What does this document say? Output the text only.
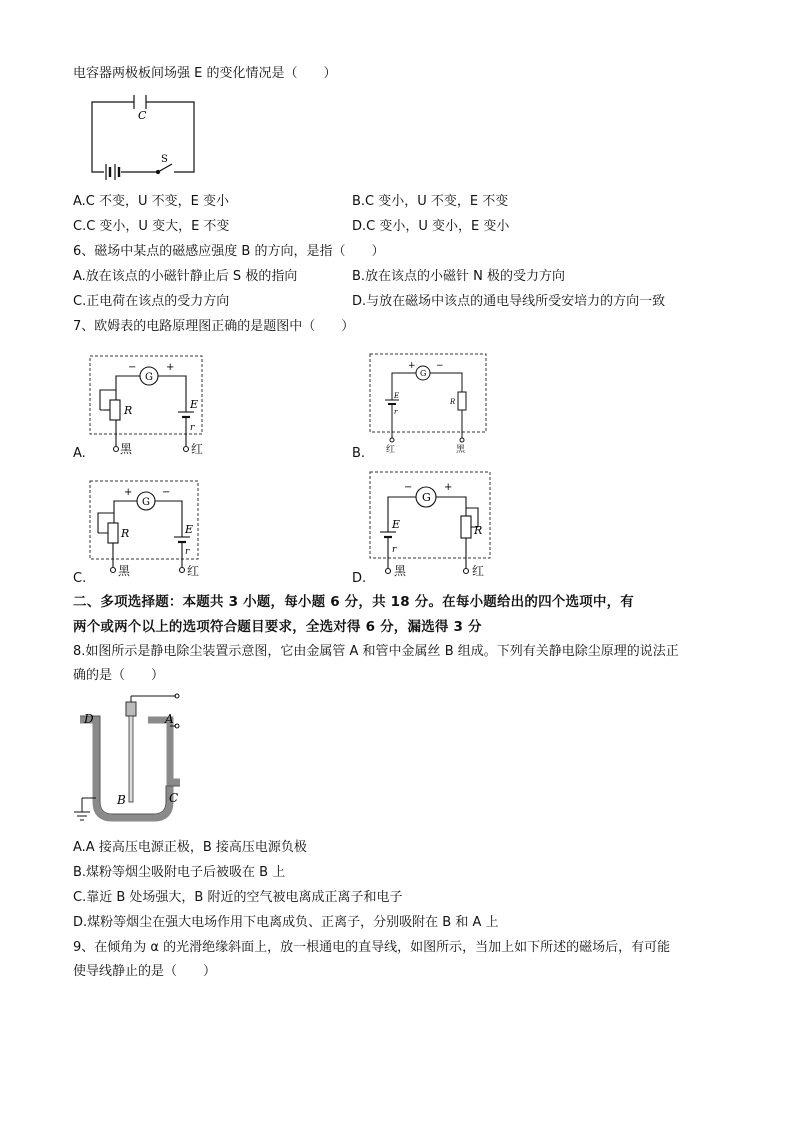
电容器两极板间场强 E 的变化情况是（　　）
C
S
A.C 不变，U 不变，E 变小	B.C 变小，U 不变，E 不变
C.C 变小，U 变大，E 不变	D.C 变小，U 变小，E 变小
6、磁场中某点的磁感应强度 B 的方向，是指（　　）
A.放在该点的小磁针静止后 S 极的指向	B.放在该点的小磁针 N 极的受力方向
C.正电荷在该点的受力方向	D.与放在磁场中该点的通电导线所受安培力的方向一致
7、欧姆表的电路原理图正确的是题图中（　　）
G
−	+
R	E
r
黑	红
A.
G
+ −
E
r
R
红	黑
B.
G
+	−
R	E
r
黑	红
C.
G
−	+
E
r
R
黑	红
D.
二、多项选择题：本题共 3 小题，每小题 6 分，共 18 分。在每小题给出的四个选项中，有
两个或两个以上的选项符合题目要求，全选对得 6 分，漏选得 3 分
8.如图所示是静电除尘装置示意图，它由金属管 A 和管中金属丝 B 组成。下列有关静电除尘原理的说法正
确的是（　　）
D	A
B	C
A.A 接高压电源正极，B 接高压电源负极
B.煤粉等烟尘吸附电子后被吸在 B 上
C.靠近 B 处场强大，B 附近的空气被电离成正离子和电子
D.煤粉等烟尘在强大电场作用下电离成负、正离子，分别吸附在 B 和 A 上
9、在倾角为 α 的光滑绝缘斜面上，放一根通电的直导线，如图所示，当加上如下所述的磁场后，有可能
使导线静止的是（　　）
